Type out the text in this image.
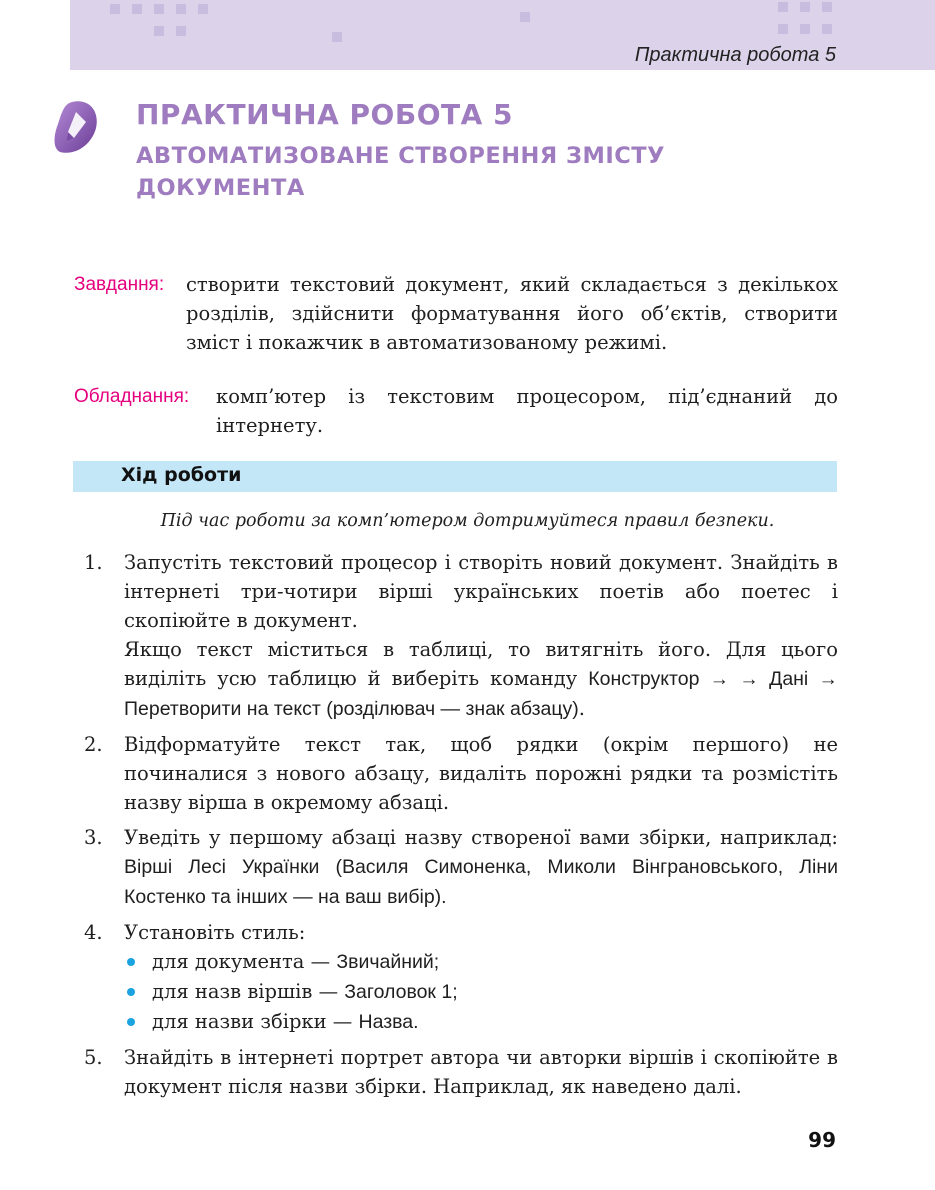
Практична робота 5
ПРАКТИЧНА РОБОТА 5
АВТОМАТИЗОВАНЕ СТВОРЕННЯ ЗМІСТУ ДОКУМЕНТА
Завдання: створити текстовий документ, який складається з декількох розділів, здійснити форматування його об’єктів, створити зміст і покажчик в автоматизованому режимі.
Обладнання: комп’ютер із текстовим процесором, під’єднаний до інтернету.
Хід роботи
Під час роботи за комп’ютером дотримуйтеся правил безпеки.
1. Запустіть текстовий процесор і створіть новий документ. Знайдіть в інтернеті три-чотири вірші українських поетів або поетес і скопіюйте в документ.

Якщо текст міститься в таблиці, то витягніть його. Для цього виділіть усю таблицю й виберіть команду Конструктор → → Дані → Перетворити на текст (розділювач — знак абзацу).

2. Відформатуйте текст так, щоб рядки (окрім першого) не починалися з нового абзацу, видаліть порожні рядки та розмістіть назву вірша в окремому абзаці.

3. Уведіть у першому абзаці назву створеної вами збірки, наприклад: Вірші Лесі Українки (Василя Симоненка, Миколи Вінграновського, Ліни Костенко та інших — на ваш вибір).

4. Установіть стиль:

для документа — Звичайний;
для назв віршів — Заголовок 1;
для назви збірки — Назва.
5. Знайдіть в інтернеті портрет автора чи авторки віршів і скопіюйте в документ після назви збірки. Наприклад, як наведено далі.

99
